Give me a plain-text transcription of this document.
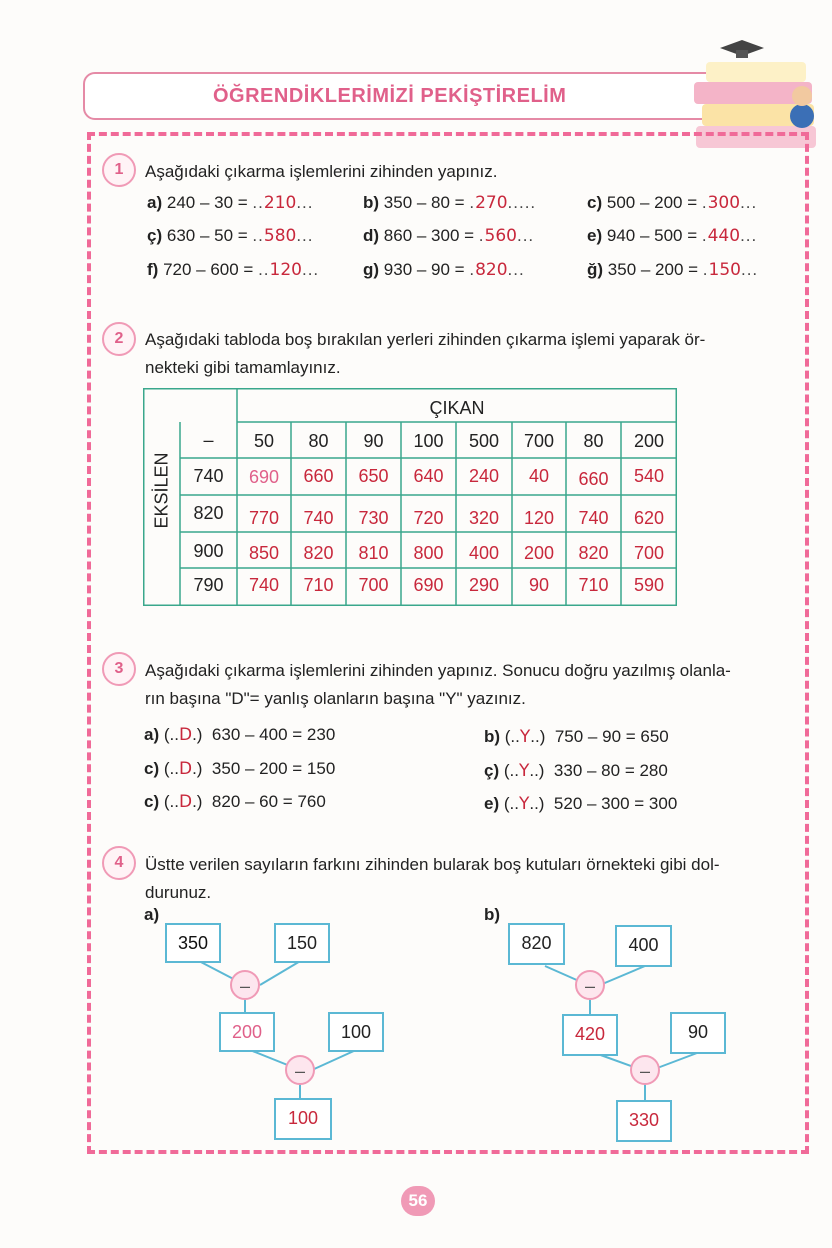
ÖĞRENDİKLERİMİZİ PEKİŞTİRELİM
1	Aşağıdaki çıkarma işlemlerini zihinden yapınız.
a) 240 – 30 = ..210...	b) 350 – 80 = .270.....	c) 500 – 200 = .300...
ç) 630 – 50 = ..580...	d) 860 – 300 = .560...	e) 940 – 500 = .440...
f) 720 – 600 = ..120...	g) 930 – 90 = .820...	ğ) 350 – 200 = .150...
2	Aşağıdaki tabloda boş bırakılan yerleri zihinden çıkarma işlemi yaparak ör-
nekteki gibi tamamlayınız.
ÇIKAN
EKSİLEN
–	50	80	90	100	500	700	80	200
740	690	660	650	640	240	40	660	540
820	770	740	730	720	320	120	740	620
900	850	820	810	800	400	200	820	700
790	740	710	700	690	290	90	710	590
3	Aşağıdaki çıkarma işlemlerini zihinden yapınız. Sonucu doğru yazılmış olanla-
rın başına "D"= yanlış olanların başına "Y" yazınız.
a) (..D.)  630 – 400 = 230	b) (..Y..)  750 – 90 = 650
c) (..D.)  350 – 200 = 150	ç) (..Y..)  330 – 80 = 280
c) (..D.)  820 – 60 = 760	e) (..Y..)  520 – 300 = 300
4	Üstte verilen sayıların farkını zihinden bularak boş kutuları örnekteki gibi dol-
durunuz.
a)
350	150
–
200	100
–
100
b)
820	400
–
420	90
–
330
56
